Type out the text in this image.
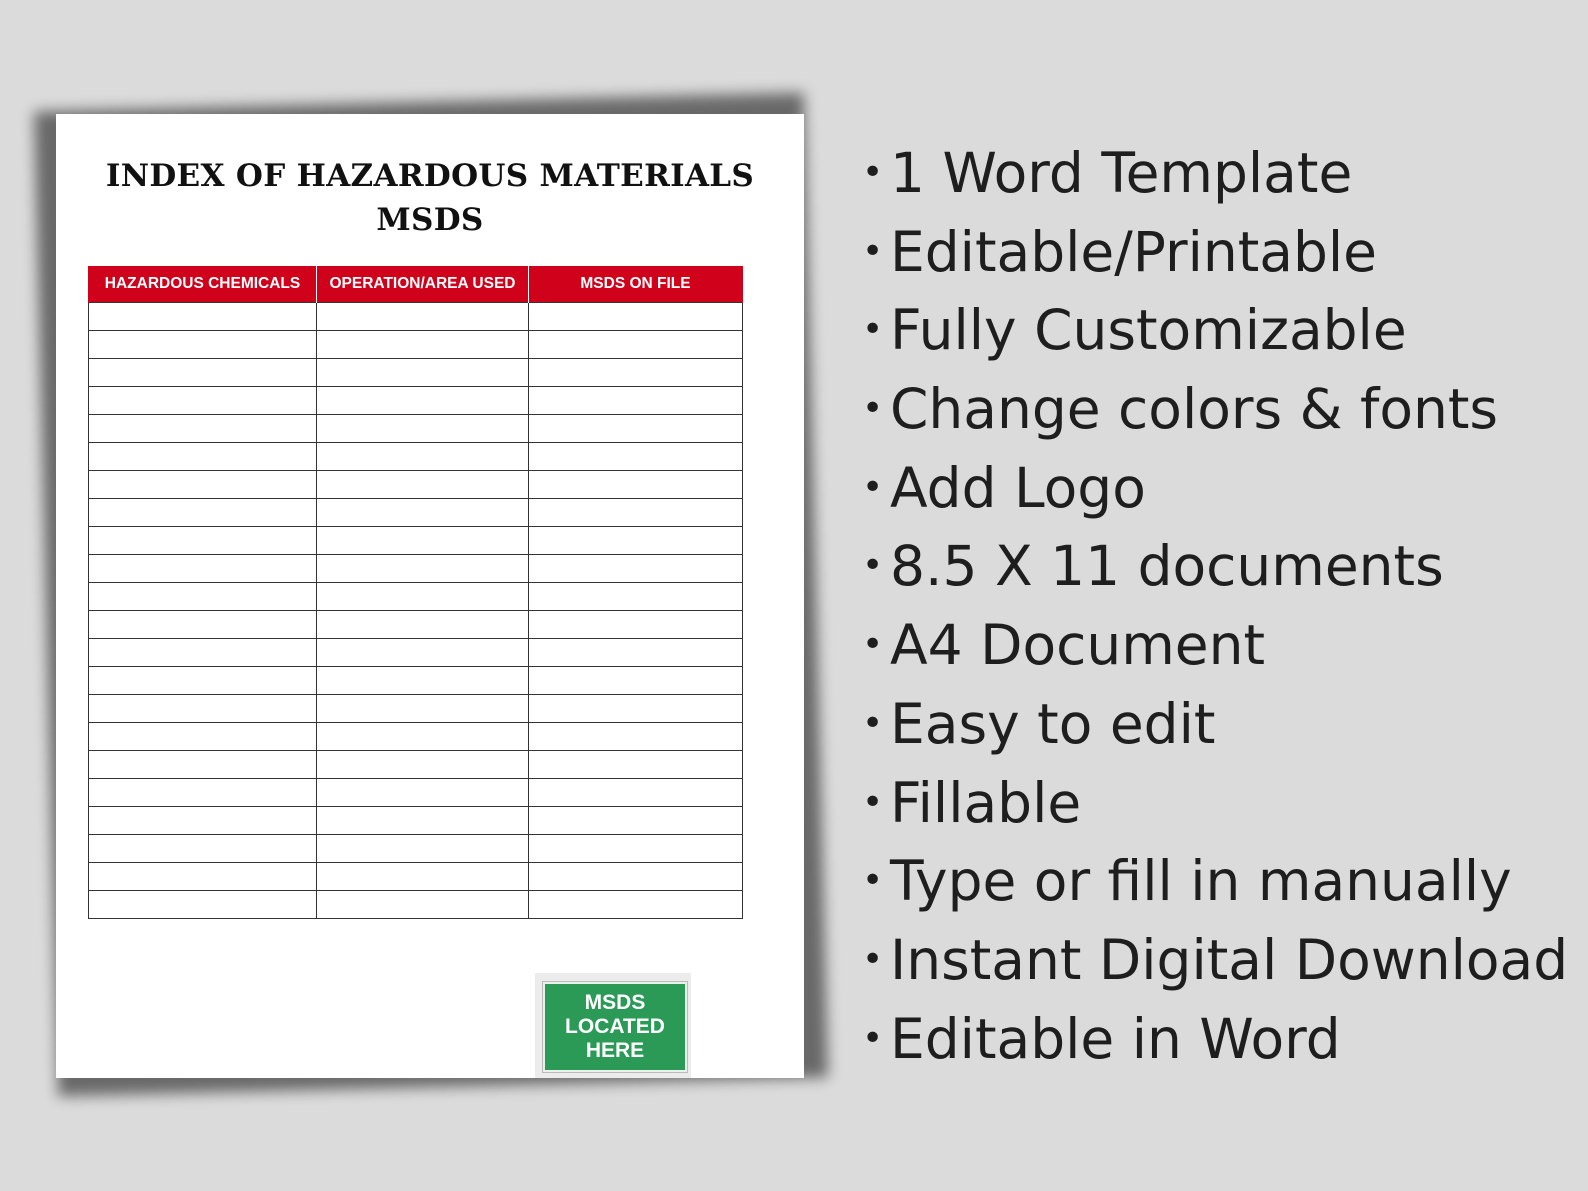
INDEX OF HAZARDOUS MATERIALS
MSDS
HAZARDOUS CHEMICALS	OPERATION/AREA USED	MSDS ON FILE

MSDS
LOCATED
HERE
• 1 Word Template
• Editable/Printable
• Fully Customizable
• Change colors & fonts
• Add Logo
• 8.5 X 11 documents
• A4 Document
• Easy to edit
• Fillable
• Type or fill in manually
• Instant Digital Download
• Editable in Word
